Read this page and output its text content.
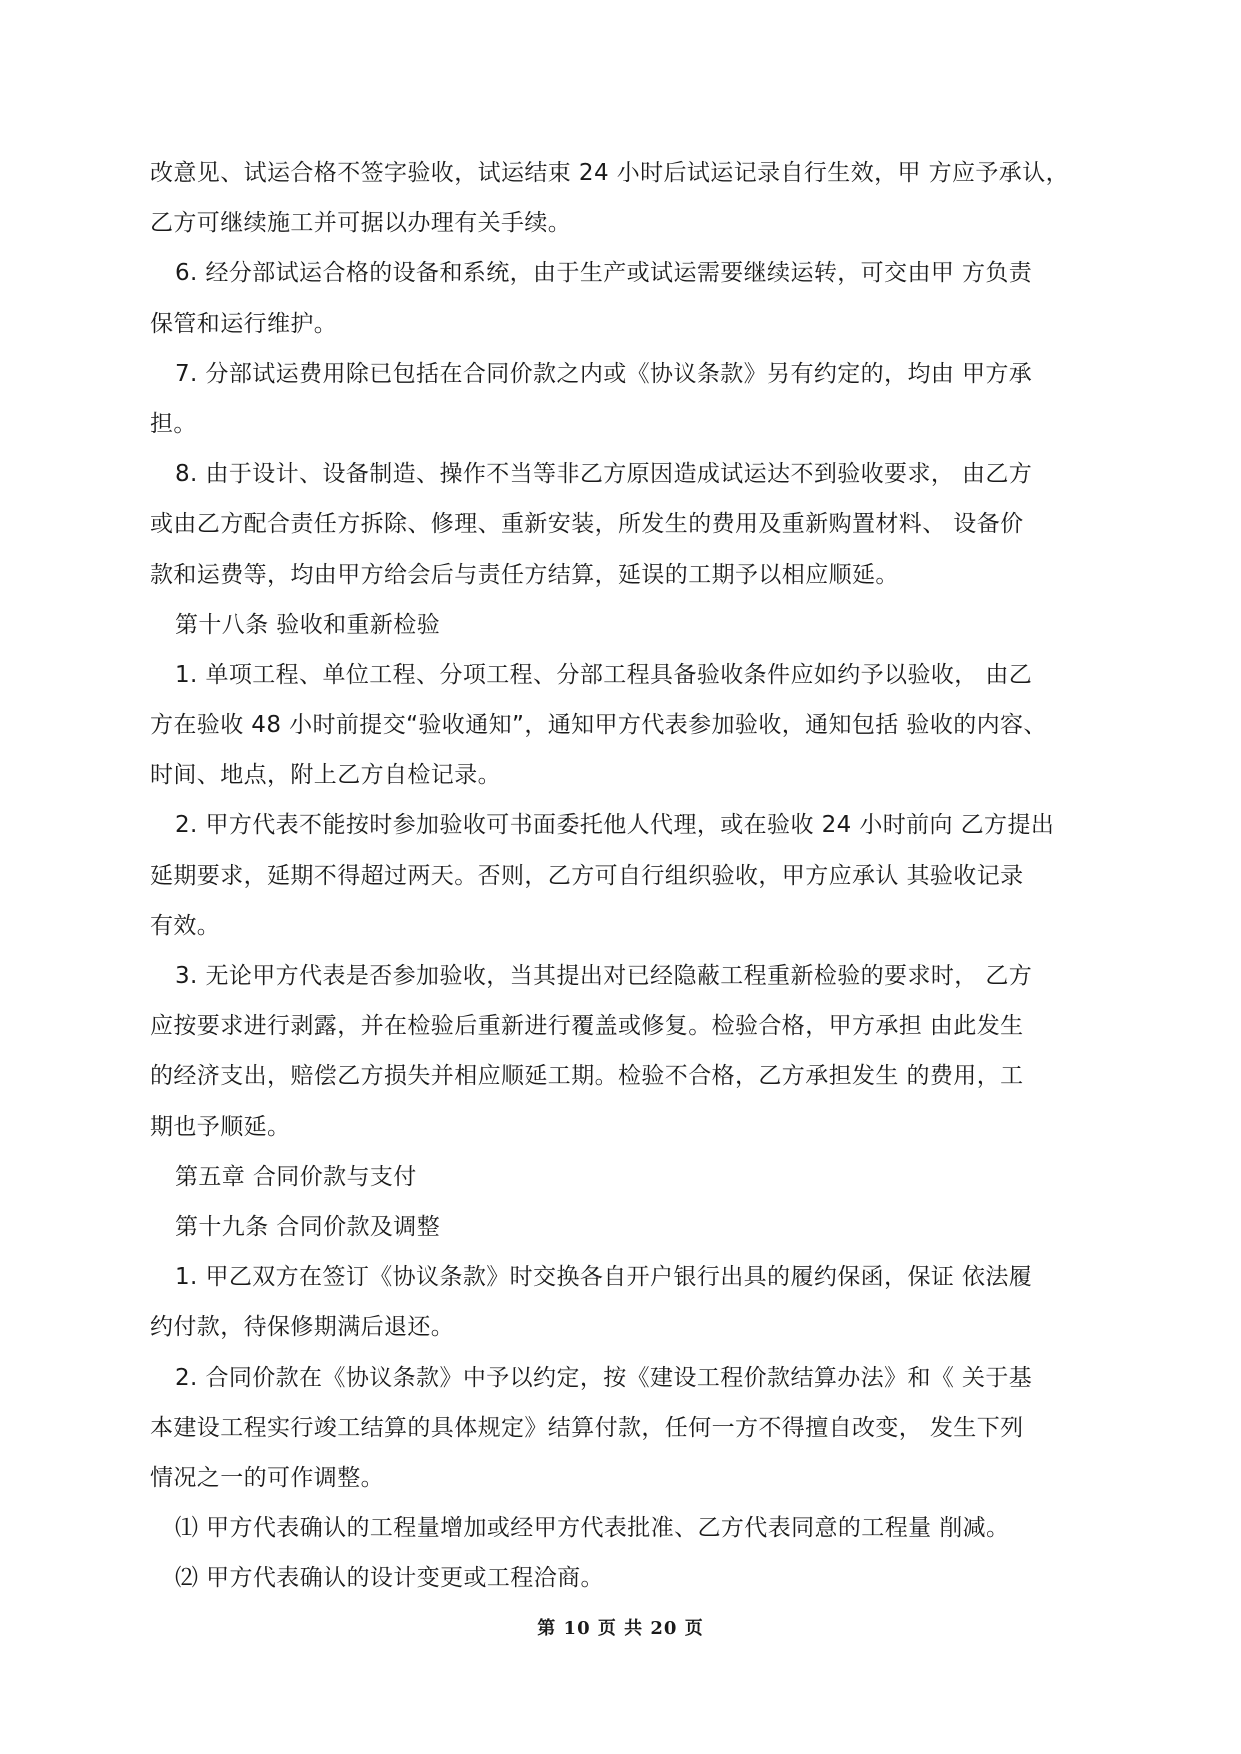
改意见、试运合格不签字验收，试运结束 24 小时后试运记录自行生效，甲 方应予承认，
乙方可继续施工并可据以办理有关手续。
6. 经分部试运合格的设备和系统，由于生产或试运需要继续运转，可交由甲 方负责
保管和运行维护。
7. 分部试运费用除已包括在合同价款之内或《协议条款》另有约定的，均由 甲方承
担。
8. 由于设计、设备制造、操作不当等非乙方原因造成试运达不到验收要求， 由乙方
或由乙方配合责任方拆除、修理、重新安装，所发生的费用及重新购置材料、 设备价
款和运费等，均由甲方给会后与责任方结算，延误的工期予以相应顺延。
第十八条 验收和重新检验
1. 单项工程、单位工程、分项工程、分部工程具备验收条件应如约予以验收， 由乙
方在验收 48 小时前提交“验收通知”，通知甲方代表参加验收，通知包括 验收的内容、
时间、地点，附上乙方自检记录。
2. 甲方代表不能按时参加验收可书面委托他人代理，或在验收 24 小时前向 乙方提出
延期要求，延期不得超过两天。否则，乙方可自行组织验收，甲方应承认 其验收记录
有效。
3. 无论甲方代表是否参加验收，当其提出对已经隐蔽工程重新检验的要求时， 乙方
应按要求进行剥露，并在检验后重新进行覆盖或修复。检验合格，甲方承担 由此发生
的经济支出，赔偿乙方损失并相应顺延工期。检验不合格，乙方承担发生 的费用，工
期也予顺延。
第五章 合同价款与支付
第十九条 合同价款及调整
1. 甲乙双方在签订《协议条款》时交换各自开户银行出具的履约保函，保证 依法履
约付款，待保修期满后退还。
2. 合同价款在《协议条款》中予以约定，按《建设工程价款结算办法》和《 关于基
本建设工程实行竣工结算的具体规定》结算付款，任何一方不得擅自改变， 发生下列
情况之一的可作调整。
⑴ 甲方代表确认的工程量增加或经甲方代表批准、乙方代表同意的工程量 削减。
⑵ 甲方代表确认的设计变更或工程洽商。
第 10 页 共 20 页
